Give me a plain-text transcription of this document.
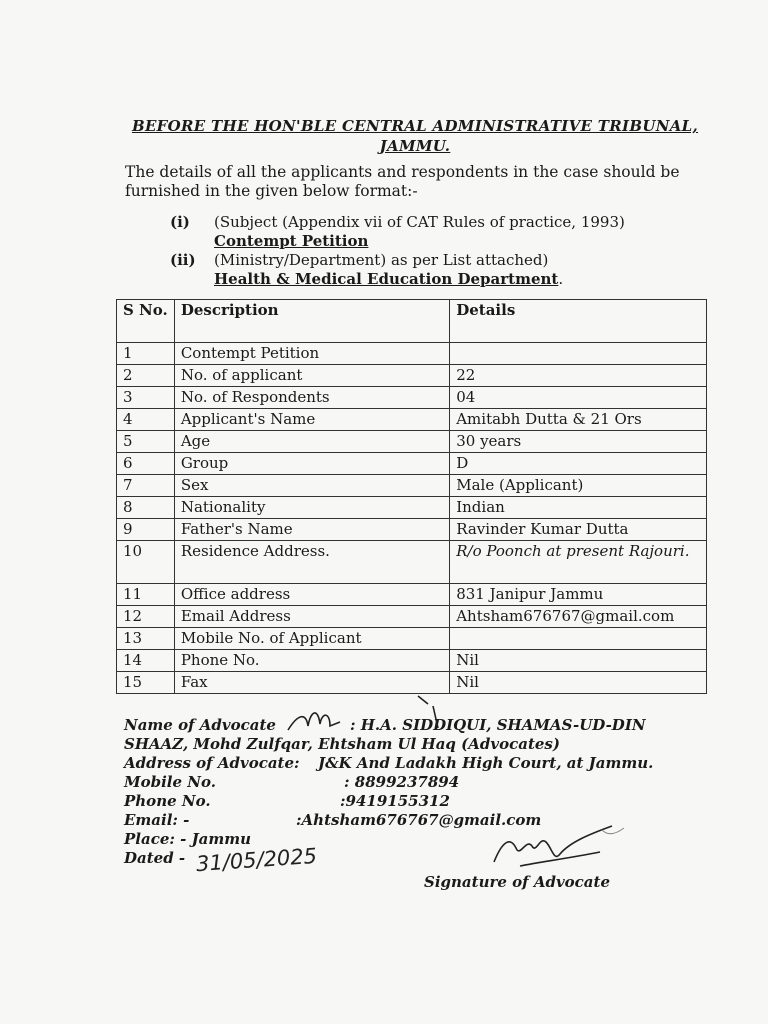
BEFORE THE HON'BLE CENTRAL ADMINISTRATIVE TRIBUNAL, JAMMU.
The details of all the applicants and respondents in the case should be furnished in the given below format:-
(i) (Subject (Appendix vii of CAT Rules of practice, 1993)
Contempt Petition
(ii) (Ministry/Department) as per List attached)
Health & Medical Education Department.
S No.	Description	Details
1	Contempt Petition	
2	No. of applicant	22
3	No. of Respondents	04
4	Applicant's Name	Amitabh Dutta & 21 Ors
5	Age	30 years
6	Group	D
7	Sex	Male (Applicant)
8	Nationality	Indian
9	Father's Name	Ravinder Kumar Dutta
10	Residence Address.	R/o Poonch at present Rajouri.
11	Office address	831 Janipur Jammu
12	Email Address	Ahtsham676767@gmail.com
13	Mobile No. of Applicant	
14	Phone No.	Nil
15	Fax	Nil
Name of Advocate	: H.A. SIDDIQUI, SHAMAS-UD-DIN
SHAAZ, Mohd Zulfqar, Ehtsham Ul Haq (Advocates)
Address of Advocate: J&K And Ladakh High Court, at Jammu.
Mobile No.	: 8899237894
Phone No.	:9419155312
Email: -	:Ahtsham676767@gmail.com
Place: - Jammu
Dated - 31/05/2025
Signature of Advocate
